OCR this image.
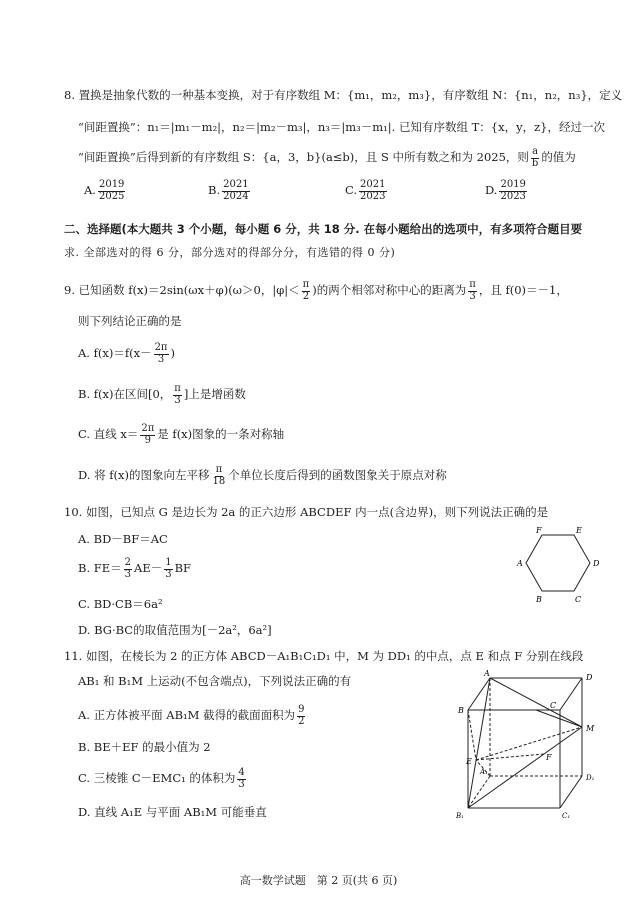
8. 置换是抽象代数的一种基本变换，对于有序数组 M：{m₁，m₂，m₃}，有序数组 N：{n₁，n₂，n₃}，定义
“间距置换”：n₁＝|m₁－m₂|，n₂＝|m₂－m₃|，n₃＝|m₃－m₁|. 已知有序数组 T：{x，y，z}，经过一次
“间距置换”后得到新的有序数组 S：{a，3，b}(a≤b)，且 S 中所有数之和为 2025，则 $\frac{a}{b}$ 的值为
A. $\frac{2019}{2025}$	B. $\frac{2021}{2024}$	C. $\frac{2021}{2023}$	D. $\frac{2019}{2023}$
二、选择题(本大题共 3 个小题，每小题 6 分，共 18 分. 在每小题给出的选项中，有多项符合题目要
求. 全部选对的得 6 分，部分选对的得部分分，有选错的得 0 分)
9. 已知函数 f(x)＝2sin(ωx＋φ)(ω＞0，$|\varphi|< \frac{\pi}{2}$ )的两个相邻对称中心的距离为 $\frac{\pi}{3}$ ，且 f(0)＝－1，
则下列结论正确的是
A. $f(x)=f(x- \frac{2\pi}{3}$ )
B. f(x)在区间[0， $\frac{\pi}{3}$ ]上是增函数
C. 直线 $x= \frac{2\pi}{9}$ 是 f(x)图象的一条对称轴
D. 将 f(x)的图象向左平移 $\frac{\pi}{18}$ 个单位长度后得到的函数图象关于原点对称
10. 如图，已知点 G 是边长为 2a 的正六边形 ABCDEF 内一点(含边界)，则下列说法正确的是
A. BD－BF＝AC
B. $FE= \frac{2}{3} AE- \frac{1}{3}$ BF
C. BD·CB＝6a²
D. BG·BC的取值范围为[－2a²，6a²]
F	E
A	D
B	C
11. 如图，在棱长为 2 的正方体 ABCD－A₁B₁C₁D₁ 中，M 为 DD₁ 的中点，点 E 和点 F 分别在线段
AB₁ 和 B₁M 上运动(不包含端点)，下列说法正确的有
A. 正方体被平面 AB₁M 截得的截面面积为 $\frac{9}{2}$
B. BE＋EF 的最小值为 2
C. 三棱锥 C－EMC₁ 的体积为 $\frac{4}{3}$
D. 直线 A₁E 与平面 AB₁M 可能垂直
A	D
B
C
M
E
A₁
F
D₁
B₁	C₁
高一数学试题　第 2 页(共 6 页)
